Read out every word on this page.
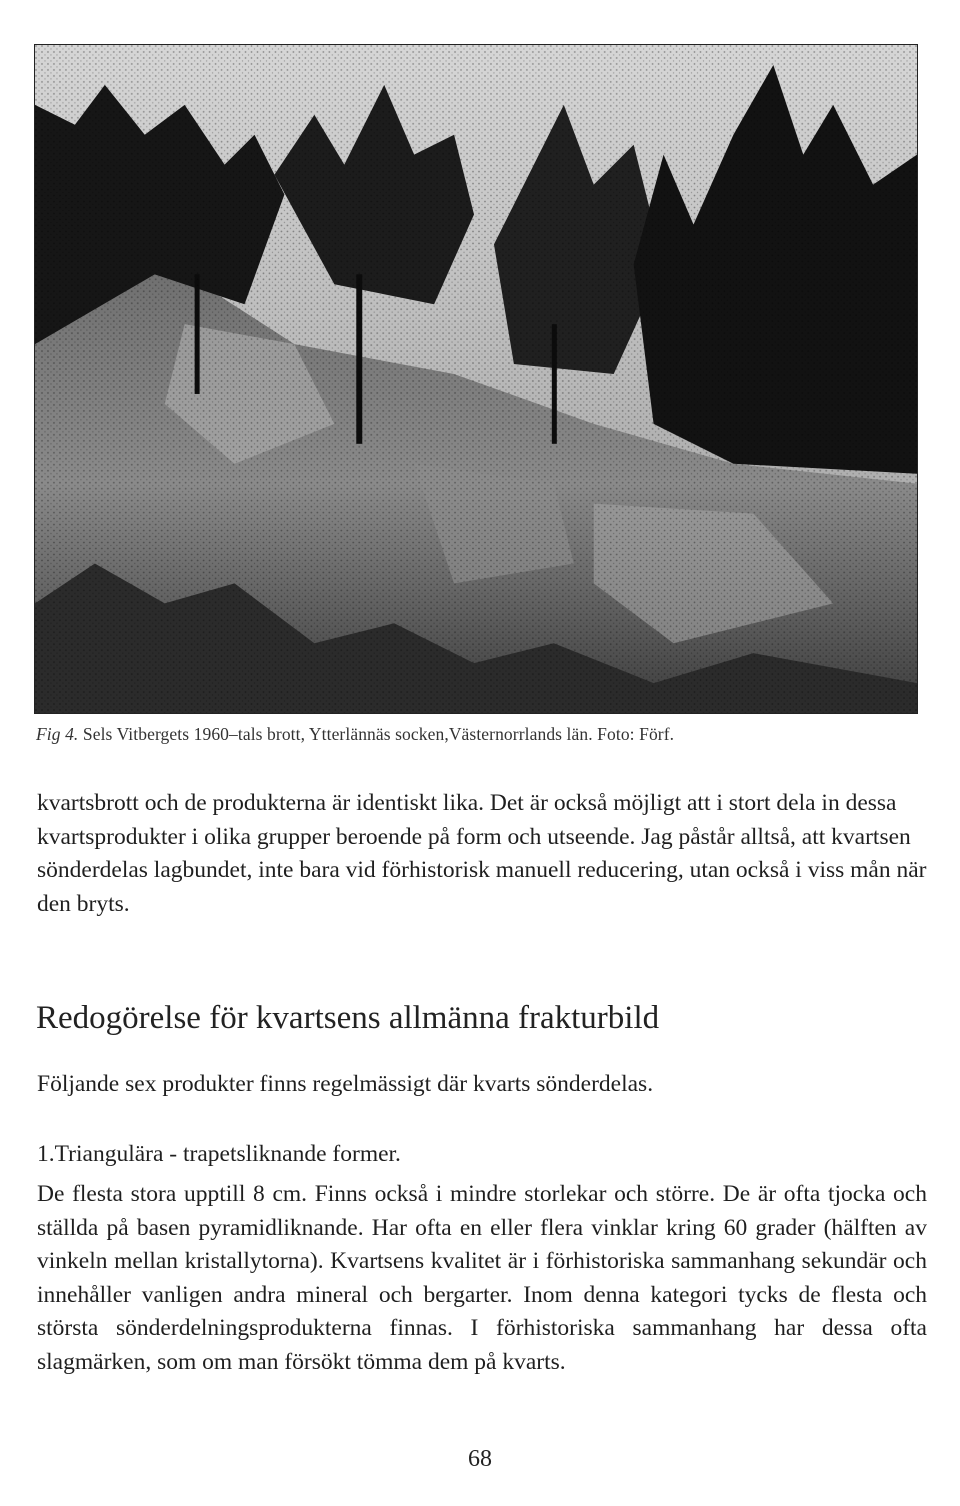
Fig 4. Sels Vitbergets 1960–tals brott, Ytterlännäs socken,Västernorrlands län. Foto: Förf.

kvartsbrott och de produkterna är identiskt lika. Det är också möjligt att i stort dela in dessa kvartsprodukter i olika grupper beroende på form och utseende. Jag påstår alltså, att kvartsen sönderdelas lagbundet, inte bara vid förhistorisk manuell reducering, utan också i viss mån när den bryts.

Redogörelse för kvartsens allmänna frakturbild

Följande sex produkter finns regelmässigt där kvarts sönderdelas.

1.Triangulära - trapetsliknande former.

De flesta stora upptill 8 cm. Finns också i mindre storlekar och större. De är ofta tjocka och ställda på basen pyramidliknande. Har ofta en eller flera vinklar kring 60 grader (hälften av vinkeln mellan kristallytorna). Kvartsens kvalitet är i förhistoriska sammanhang sekundär och innehåller vanligen andra mineral och bergarter. Inom denna kategori tycks de flesta och största sönderdelningsprodukterna finnas. I förhistoriska sammanhang har dessa ofta slagmärken, som om man försökt tömma dem på kvarts.

68
